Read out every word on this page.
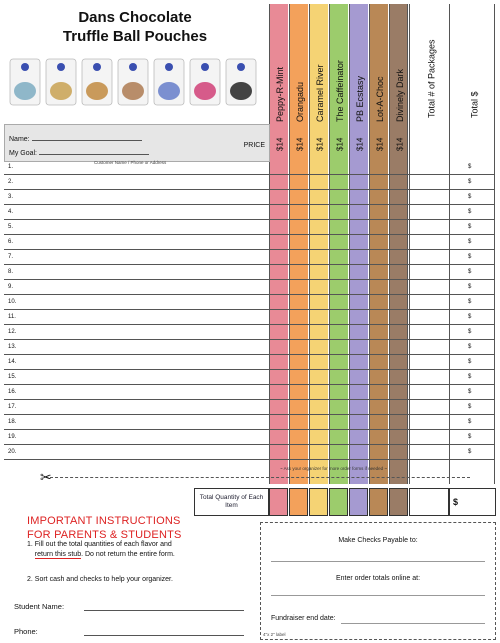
Dans Chocolate
Truffle Ball Pouches
Peppy-R-Mint
$14
Orangadu
$14
Caramel River
$14
The Caffeinator
$14
PB Ecstasy
$14
Lot-A-Choc
$14
Divinely Dark
$14
Total # of Packages	Total $
Name:
My Goal:
PRICE
Customer Name / Phone or Address
1.	$
2.	$
3.	$
4.	$
5.	$
6.	$
7.	$
8.	$
9.	$
10.	$
11.	$
12.	$
13.	$
14.	$
15.	$
16.	$
17.	$
18.	$
19.	$
20.	$
✂
~ Ask your organizer for more order forms if needed ~
Total Quantity of Each Item	$
IMPORTANT INSTRUCTIONS
FOR PARENTS & STUDENTS
1. Fill out the total quantities of each flavor and
return this stub. Do not return the entire form.
2. Sort cash and checks to help your organizer.
Student Name:
Phone:
Make Checks Payable to:
Enter order totals online at:
Fundraiser end date:
4"x 2" label
